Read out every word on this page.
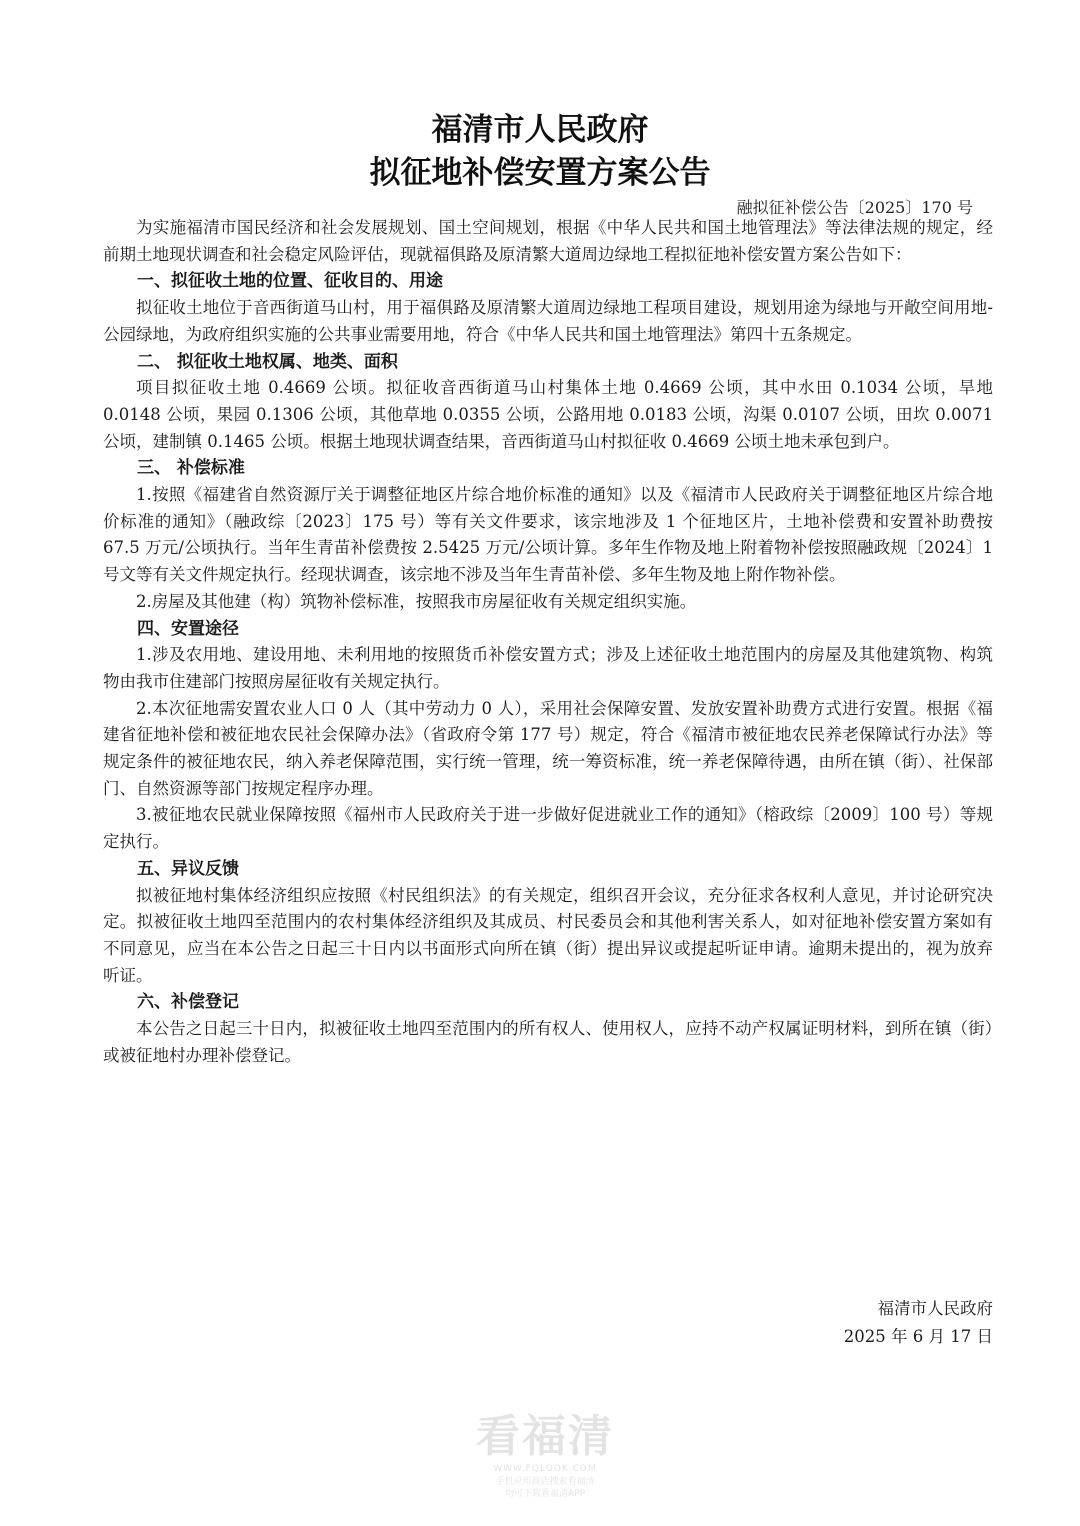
福清市人民政府
拟征地补偿安置方案公告
融拟征补偿公告〔2025〕170 号

为实施福清市国民经济和社会发展规划、国土空间规划，根据《中华人民共和国土地管理法》等法律法规的规定，经前期土地现状调查和社会稳定风险评估，现就福俱路及原清繁大道周边绿地工程拟征地补偿安置方案公告如下：

一、拟征收土地的位置、征收目的、用途

拟征收土地位于音西街道马山村，用于福俱路及原清繁大道周边绿地工程项目建设，规划用途为绿地与开敞空间用地-公园绿地，为政府组织实施的公共事业需要用地，符合《中华人民共和国土地管理法》第四十五条规定。

二、 拟征收土地权属、地类、面积

项目拟征收土地 0.4669 公顷。拟征收音西街道马山村集体土地 0.4669 公顷，其中水田 0.1034 公顷，旱地 0.0148 公顷，果园 0.1306 公顷，其他草地 0.0355 公顷，公路用地 0.0183 公顷，沟渠 0.0107 公顷，田坎 0.0071 公顷，建制镇 0.1465 公顷。根据土地现状调查结果，音西街道马山村拟征收 0.4669 公顷土地未承包到户。

三、 补偿标准

1.按照《福建省自然资源厅关于调整征地区片综合地价标准的通知》以及《福清市人民政府关于调整征地区片综合地价标准的通知》（融政综〔2023〕175 号）等有关文件要求，该宗地涉及 1 个征地区片，土地补偿费和安置补助费按 67.5 万元/公顷执行。当年生青苗补偿费按 2.5425 万元/公顷计算。多年生作物及地上附着物补偿按照融政规〔2024〕1 号文等有关文件规定执行。经现状调查，该宗地不涉及当年生青苗补偿、多年生物及地上附作物补偿。

2.房屋及其他建（构）筑物补偿标准，按照我市房屋征收有关规定组织实施。

四、安置途径

1.涉及农用地、建设用地、未利用地的按照货币补偿安置方式；涉及上述征收土地范围内的房屋及其他建筑物、构筑物由我市住建部门按照房屋征收有关规定执行。

2.本次征地需安置农业人口 0 人（其中劳动力 0 人），采用社会保障安置、发放安置补助费方式进行安置。根据《福建省征地补偿和被征地农民社会保障办法》（省政府令第 177 号）规定，符合《福清市被征地农民养老保障试行办法》等规定条件的被征地农民，纳入养老保障范围，实行统一管理，统一筹资标准，统一养老保障待遇，由所在镇（街）、社保部门、自然资源等部门按规定程序办理。

3.被征地农民就业保障按照《福州市人民政府关于进一步做好促进就业工作的通知》（榕政综〔2009〕100 号）等规定执行。

五、异议反馈

拟被征地村集体经济组织应按照《村民组织法》的有关规定，组织召开会议，充分征求各权利人意见，并讨论研究决定。拟被征收土地四至范围内的农村集体经济组织及其成员、村民委员会和其他利害关系人，如对征地补偿安置方案如有不同意见，应当在本公告之日起三十日内以书面形式向所在镇（街）提出异议或提起听证申请。逾期未提出的，视为放弃听证。

六、补偿登记

本公告之日起三十日内，拟被征收土地四至范围内的所有权人、使用权人，应持不动产权属证明材料，到所在镇（街）或被征地村办理补偿登记。

福清市人民政府
2025 年 6 月 17 日
看福清
WWW.FQLOOK.COM
手机应用商店搜索看福清
均可下载看福清APP
